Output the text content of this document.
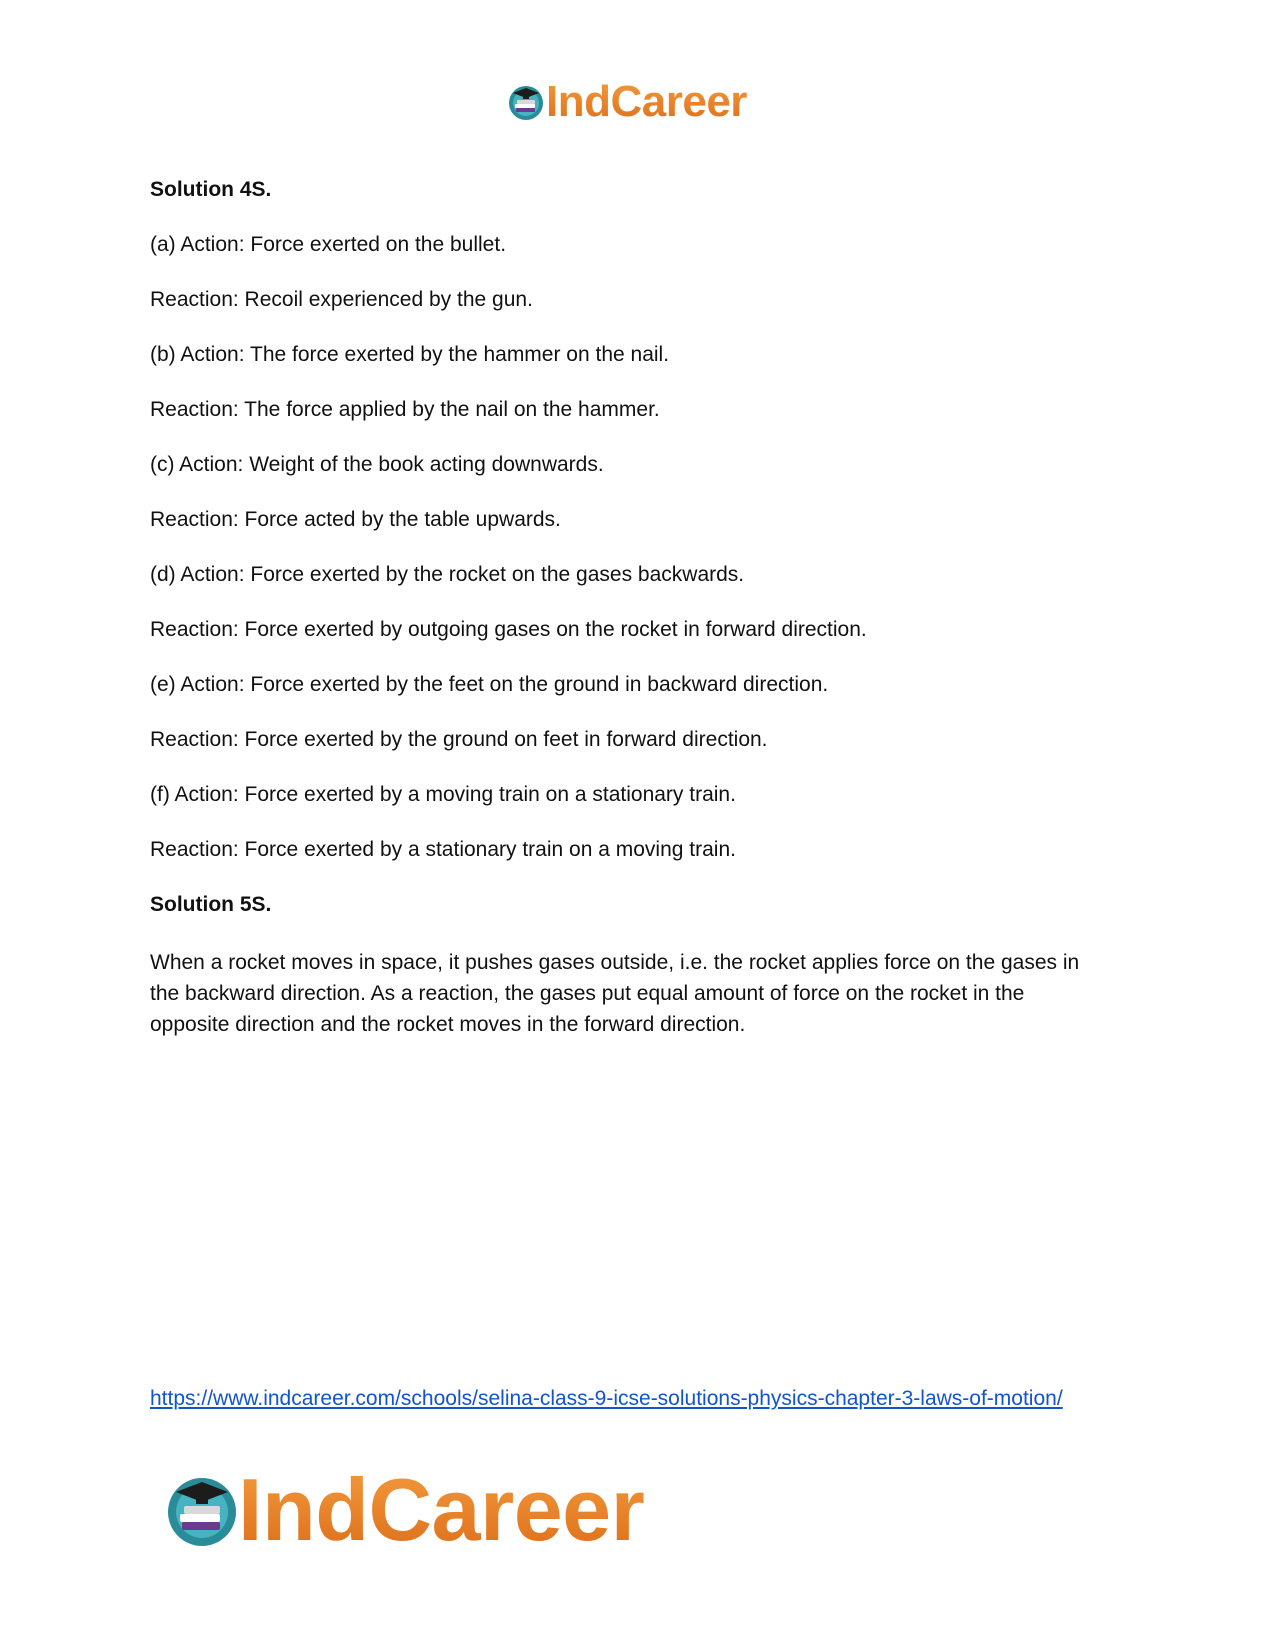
IndCareer

Solution 4S.

(a) Action: Force exerted on the bullet.

Reaction: Recoil experienced by the gun.

(b) Action: The force exerted by the hammer on the nail.

Reaction: The force applied by the nail on the hammer.

(c) Action: Weight of the book acting downwards.

Reaction: Force acted by the table upwards.

(d) Action: Force exerted by the rocket on the gases backwards.

Reaction: Force exerted by outgoing gases on the rocket in forward direction.

(e) Action: Force exerted by the feet on the ground in backward direction.

Reaction: Force exerted by the ground on feet in forward direction.

(f) Action: Force exerted by a moving train on a stationary train.

Reaction: Force exerted by a stationary train on a moving train.

Solution 5S.

When a rocket moves in space, it pushes gases outside, i.e. the rocket applies force on the gases in the backward direction. As a reaction, the gases put equal amount of force on the rocket in the opposite direction and the rocket moves in the forward direction.

https://www.indcareer.com/schools/selina-class-9-icse-solutions-physics-chapter-3-laws-of-motion/
IndCareer
